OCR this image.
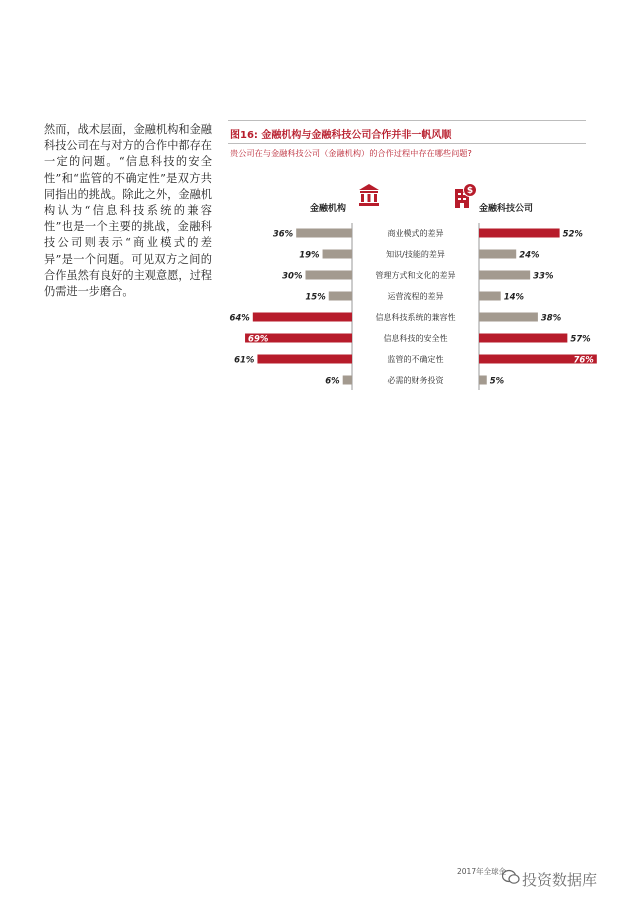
然而，战术层面，金融机构和金融科技公司在与对方的合作中都存在一定的问题。“信息科技的安全性”和“监管的不确定性”是双方共同指出的挑战。除此之外，金融机构认为“信息科技系统的兼容性”也是一个主要的挑战，金融科技公司则表示“商业模式的差异”是一个问题。可见双方之间的合作虽然有良好的主观意愿，过程仍需进一步磨合。

图16: 金融机构与金融科技公司合作并非一帆风顺
贵公司在与金融科技公司（金融机构）的合作过程中存在哪些问题?
金融机构
$
金融科技公司
商业模式的差异
36%	52%
知识/技能的差异
19%	24%
管理方式和文化的差异
30%	33%
运营流程的差异
15%	14%
信息科技系统的兼容性
64%	38%
信息科技的安全性
69%	57%
监管的不确定性
61%	76%
必需的财务投资
6%	5%
2017年全球金 投资数据库
